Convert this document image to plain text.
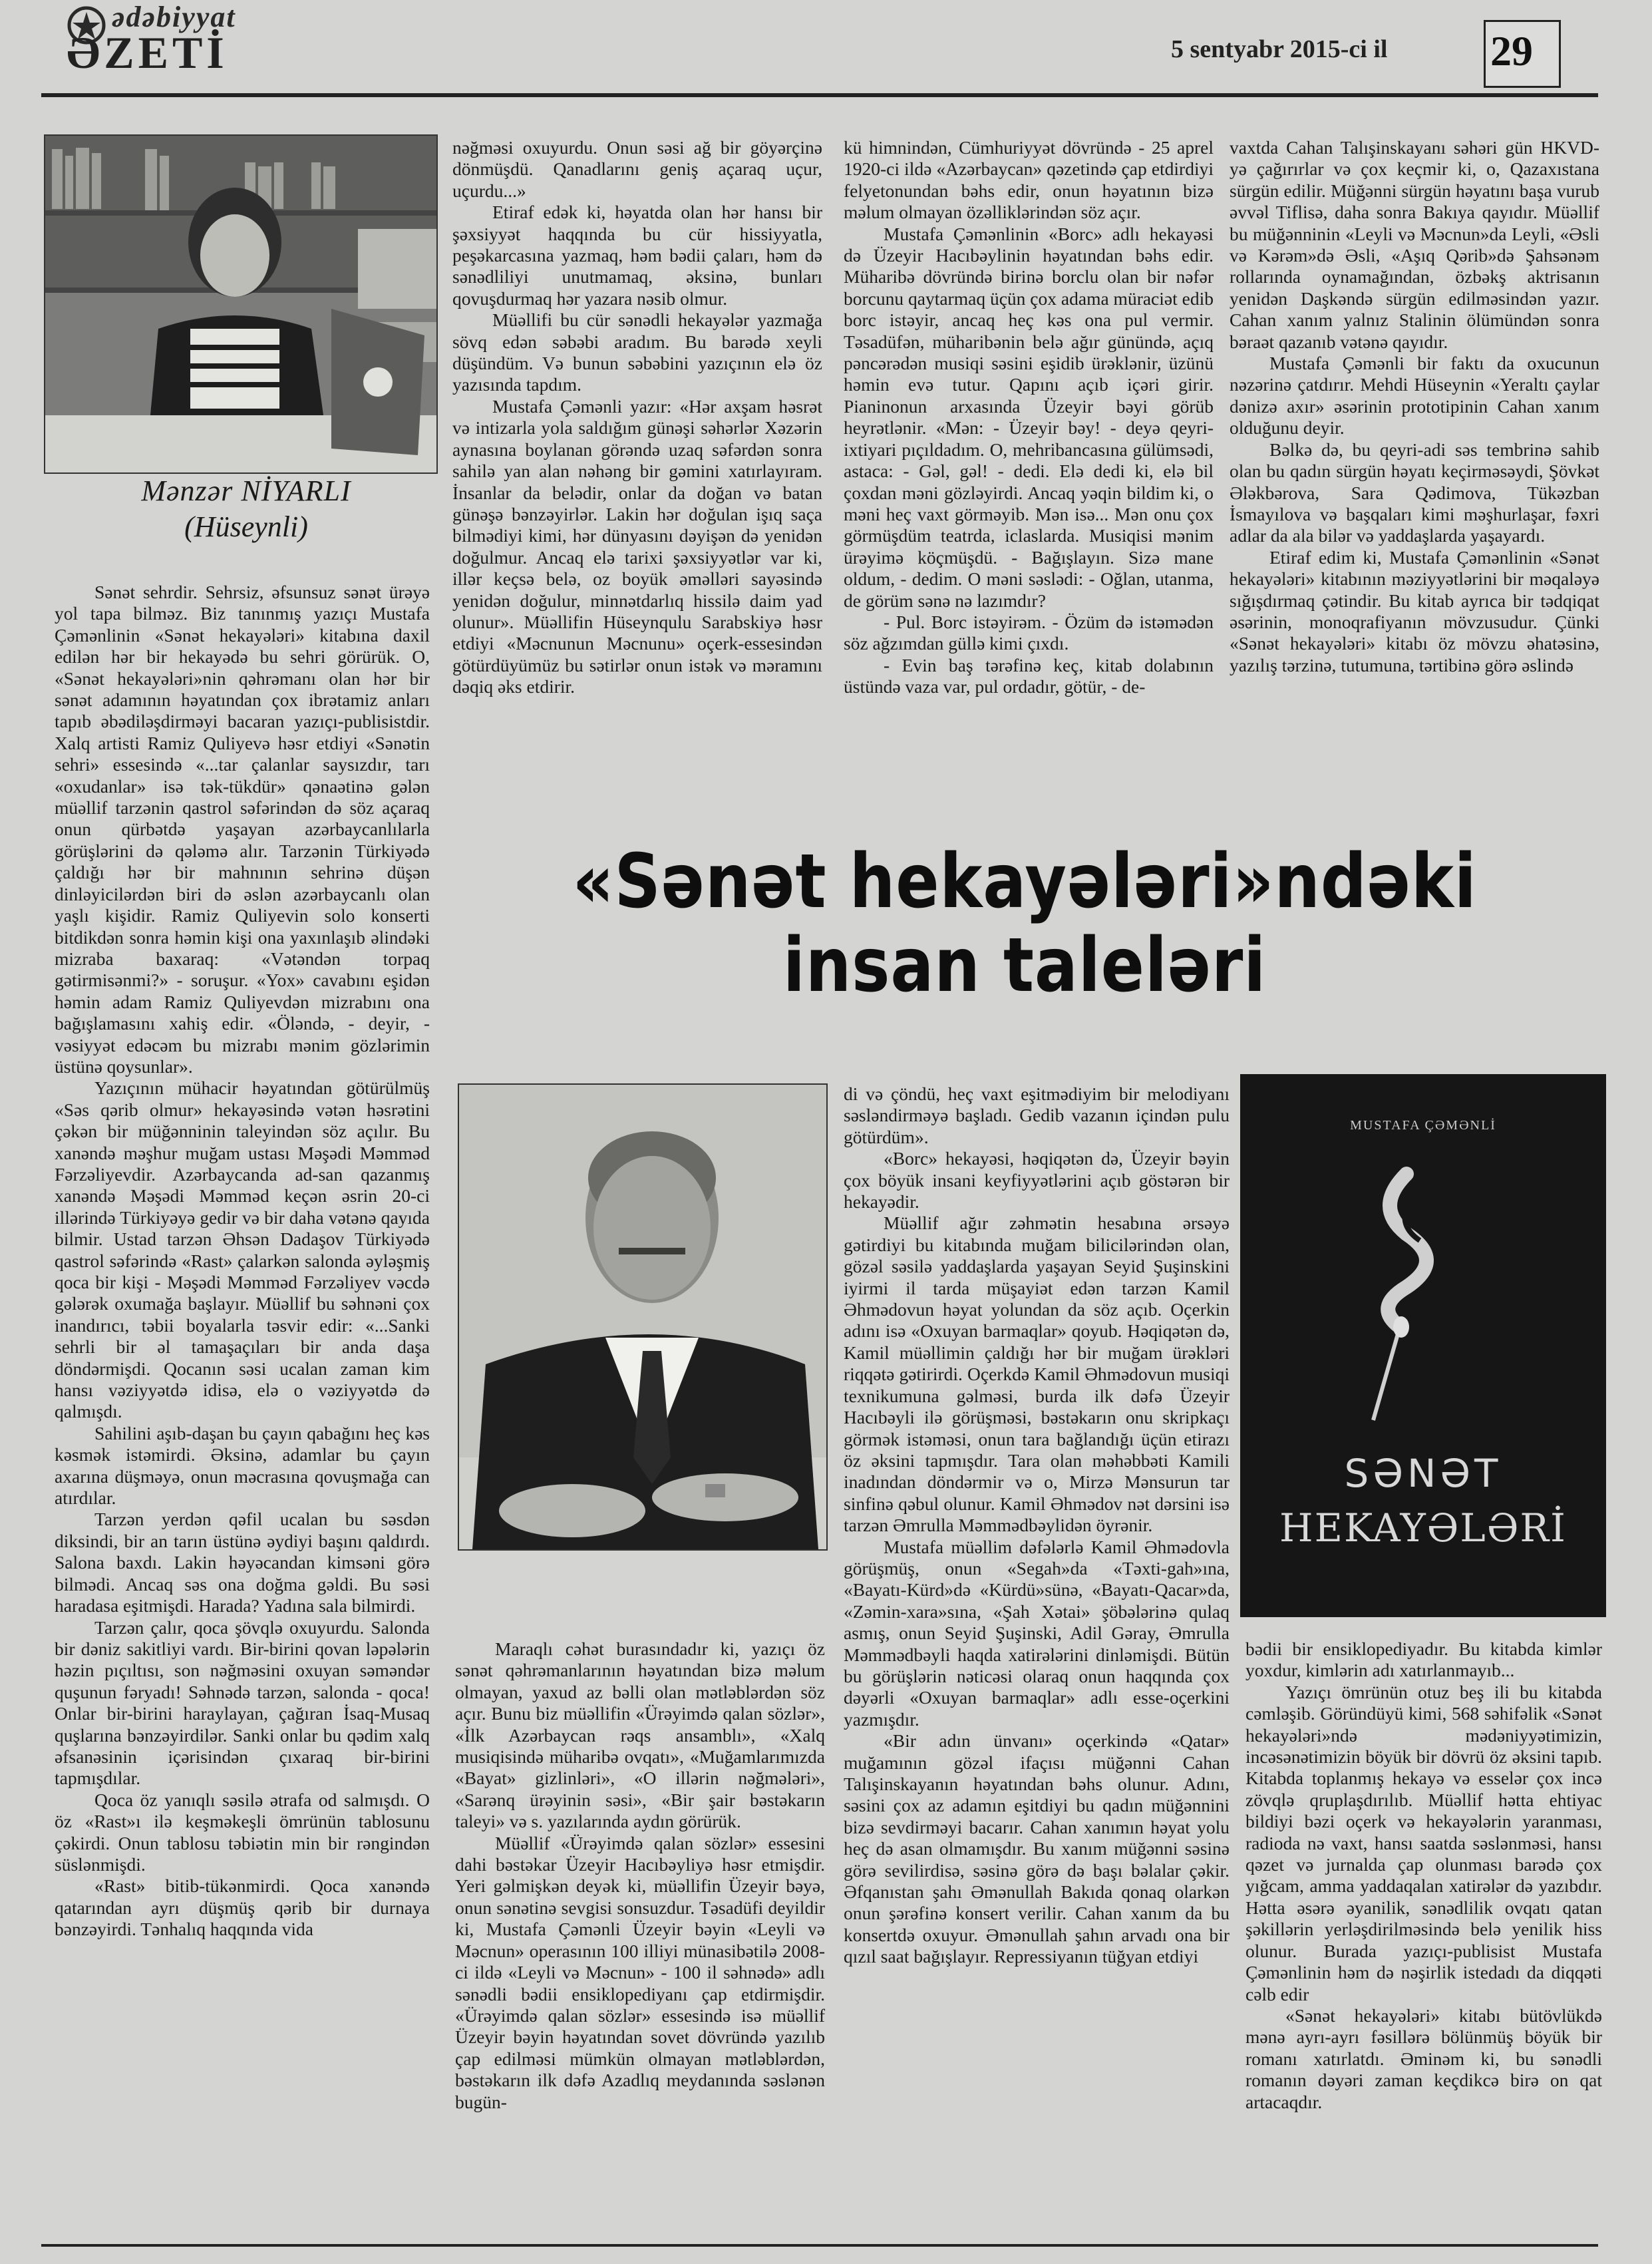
ədəbiyyat
ƏZETİ	5 sentyabr 2015-ci il 29
Mənzər NİYARLI
(Hüseynli)

Sənət sehrdir. Sehrsiz, əfsunsuz sənət ürəyə yol tapa bilməz. Biz tanınmış yazıçı Mustafa Çəmənlinin «Sənət hekayələri» kitabına daxil edilən hər bir hekayədə bu sehri görürük. O, «Sənət hekayələri»nin qəhrəmanı olan hər bir sənət adamının həyatından çox ibrətamiz anları tapıb əbədiləşdirməyi bacaran yazıçı-publisistdir. Xalq artisti Ramiz Quliyevə həsr etdiyi «Sənətin sehri» essesində «...tar çalanlar saysızdır, tarı «oxudanlar» isə tək-tükdür» qənaətinə gələn müəllif tarzənin qastrol səfərindən də söz açaraq onun qürbətdə yaşayan azərbaycanlılarla görüşlərini də qələmə alır. Tarzənin Türkiyədə çaldığı hər bir mahnının sehrinə düşən dinləyicilərdən biri də əslən azərbaycanlı olan yaşlı kişidir. Ramiz Quliyevin solo konserti bitdikdən sonra həmin kişi ona yaxınlaşıb əlindəki mizraba baxaraq: «Vətəndən torpaq gətirmisənmi?» - soruşur. «Yox» cavabını eşidən həmin adam Ramiz Quliyevdən mizrabını ona bağışlamasını xahiş edir. «Öləndə, - deyir, - vəsiyyət edəcəm bu mizrabı mənim gözlərimin üstünə qoysunlar».

Yazıçının mühacir həyatından götürülmüş «Səs qərib olmur» hekayəsində vətən həsrətini çəkən bir müğənninin taleyindən söz açılır. Bu xanəndə məşhur muğam ustası Məşədi Məmməd Fərzəliyevdir. Azərbaycanda ad-san qazanmış xanəndə Məşədi Məmməd keçən əsrin 20-ci illərində Türkiyəyə gedir və bir daha vətənə qayıda bilmir. Ustad tarzən Əhsən Dadaşov Türkiyədə qastrol səfərində «Rast» çalarkən salonda əyləşmiş qoca bir kişi - Məşədi Məmməd Fərzəliyev vəcdə gələrək oxumağa başlayır. Müəllif bu səhnəni çox inandırıcı, təbii boyalarla təsvir edir: «...Sanki sehrli bir əl tamaşaçıları bir anda daşa döndərmişdi. Qocanın səsi ucalan zaman kim hansı vəziyyətdə idisə, elə o vəziyyətdə də qalmışdı.

Sahilini aşıb-daşan bu çayın qabağını heç kəs kəsmək istəmirdi. Əksinə, adamlar bu çayın axarına düşməyə, onun məcrasına qovuşmağa can atırdılar.

Tarzən yerdən qəfil ucalan bu səsdən diksindi, bir an tarın üstünə əydiyi başını qaldırdı. Salona baxdı. Lakin həyəcandan kimsəni görə bilmədi. Ancaq səs ona doğma gəldi. Bu səsi haradasa eşitmişdi. Harada? Yadına sala bilmirdi.

Tarzən çalır, qoca şövqlə oxuyurdu. Salonda bir dəniz sakitliyi vardı. Bir-birini qovan ləpələrin həzin pıçıltısı, son nəğməsini oxuyan səməndər quşunun fəryadı! Səhnədə tarzən, salonda - qoca! Onlar bir-birini haraylayan, çağıran İsaq-Musaq quşlarına bənzəyirdilər. Sanki onlar bu qədim xalq əfsanəsinin içərisindən çıxaraq bir-birini tapmışdılar.

Qoca öz yanıqlı səsilə ətrafa od salmışdı. O öz «Rast»ı ilə keşməkeşli ömrünün tablosunu çəkirdi. Onun tablosu təbiətin min bir rəngindən süslənmişdi.

«Rast» bitib-tükənmirdi. Qoca xanəndə qatarından ayrı düşmüş qərib bir durnaya bənzəyirdi. Tənhalıq haqqında vida

nəğməsi oxuyurdu. Onun səsi ağ bir göyərçinə dönmüşdü. Qanadlarını geniş açaraq uçur, uçurdu...»

Etiraf edək ki, həyatda olan hər hansı bir şəxsiyyət haqqında bu cür hissiyyatla, peşəkarcasına yazmaq, həm bədii çaları, həm də sənədliliyi unutmamaq, əksinə, bunları qovuşdurmaq hər yazara nəsib olmur.

Müəllifi bu cür sənədli hekayələr yazmağa sövq edən səbəbi aradım. Bu barədə xeyli düşündüm. Və bunun səbəbini yazıçının elə öz yazısında tapdım.

Mustafa Çəmənli yazır: «Hər axşam həsrət və intizarla yola saldığım günəşi səhərlər Xəzərin aynasına boylanan görəndə uzaq səfərdən sonra sahilə yan alan nəhəng bir gəmini xatırlayıram. İnsanlar da belədir, onlar da doğan və batan günəşə bənzəyirlər. Lakin hər doğulan işıq saça bilmədiyi kimi, hər dünyasını dəyişən də yenidən doğulmur. Ancaq elə tarixi şəxsiyyətlər var ki, illər keçsə belə, oz boyük əməlləri sayəsində yenidən doğulur, minnətdarlıq hissilə daim yad olunur». Müəllifin Hüseynqulu Sarabskiyə həsr etdiyi «Məcnunun Məcnunu» oçerk-essesindən götürdüyümüz bu sətirlər onun istək və məramını dəqiq əks etdirir.

kü himnindən, Cümhuriyyət dövründə - 25 aprel 1920-ci ildə «Azərbaycan» qəzetində çap etdirdiyi felyetonundan bəhs edir, onun həyatının bizə məlum olmayan özəlliklərindən söz açır.

Mustafa Çəmənlinin «Borc» adlı hekayəsi də Üzeyir Hacıbəylinin həyatından bəhs edir. Müharibə dövründə birinə borclu olan bir nəfər borcunu qaytarmaq üçün çox adama müraciət edib borc istəyir, ancaq heç kəs ona pul vermir. Təsadüfən, müharibənin belə ağır günündə, açıq pəncərədən musiqi səsini eşidib ürəklənir, üzünü həmin evə tutur. Qapını açıb içəri girir. Pianinonun arxasında Üzeyir bəyi görüb heyrətlənir. «Mən: - Üzeyir bəy! - deyə qeyri-ixtiyari pıçıldadım. O, mehribancasına gülümsədi, astaca: - Gəl, gəl! - dedi. Elə dedi ki, elə bil çoxdan məni gözləyirdi. Ancaq yəqin bildim ki, o məni heç vaxt görməyib. Mən isə... Mən onu çox görmüşdüm teatrda, iclaslarda. Musiqisi mənim ürəyimə köçmüşdü. - Bağışlayın. Sizə mane oldum, - dedim. O məni səslədi: - Oğlan, utanma, de görüm sənə nə lazımdır?

- Pul. Borc istəyirəm. - Özüm də istəmədən söz ağzımdan güllə kimi çıxdı.

- Evin baş tərəfinə keç, kitab dolabının üstündə vaza var, pul ordadır, götür, - de-

vaxtda Cahan Talışinskayanı səhəri gün HKVD-yə çağırırlar və çox keçmir ki, o, Qazaxıstana sürgün edilir. Müğənni sürgün həyatını başa vurub əvvəl Tiflisə, daha sonra Bakıya qayıdır. Müəllif bu müğənninin «Leyli və Məcnun»da Leyli, «Əsli və Kərəm»də Əsli, «Aşıq Qərib»də Şahsənəm rollarında oynamağından, özbəkş aktrisanın yenidən Daşkəndə sürgün edilməsindən yazır. Cahan xanım yalnız Stalinin ölümündən sonra bəraət qazanıb vətənə qayıdır.

Mustafa Çəmənli bir faktı da oxucunun nəzərinə çatdırır. Mehdi Hüseynin «Yeraltı çaylar dənizə axır» əsərinin prototipinin Cahan xanım olduğunu deyir.

Bəlkə də, bu qeyri-adi səs tembrinə sahib olan bu qadın sürgün həyatı keçirməsəydi, Şövkət Ələkbərova, Sara Qədimova, Tükəzban İsmayılova və başqaları kimi məşhurlaşar, fəxri adlar da ala bilər və yaddaşlarda yaşayardı.

Etiraf edim ki, Mustafa Çəmənlinin «Sənət hekayələri» kitabının məziyyətlərini bir məqaləyə sığışdırmaq çətindir. Bu kitab ayrıca bir tədqiqat əsərinin, monoqrafiyanın mövzusudur. Çünki «Sənət hekayələri» kitabı öz mövzu əhatəsinə, yazılış tərzinə, tutumuna, tərtibinə görə əslində

«Sənət hekayələri»ndəki
insan taleləri
MUSTAFA ÇƏMƏNLİ
SƏNƏT
HEKAYƏLƏRİ

Maraqlı cəhət burasındadır ki, yazıçı öz sənət qəhrəmanlarının həyatından bizə məlum olmayan, yaxud az bəlli olan mətləblərdən söz açır. Bunu biz müəllifin «Ürəyimdə qalan sözlər», «İlk Azərbaycan rəqs ansamblı», «Xalq musiqisində müharibə ovqatı», «Muğamlarımızda «Bayat» gizlinləri», «O illərin nəğmələri», «Sarənq ürəyinin səsi», «Bir şair bəstəkarın taleyi» və s. yazılarında aydın görürük.

Müəllif «Ürəyimdə qalan sözlər» essesini dahi bəstəkar Üzeyir Hacıbəyliyə həsr etmişdir. Yeri gəlmişkən deyək ki, müəllifin Üzeyir bəyə, onun sənətinə sevgisi sonsuzdur. Təsadüfi deyildir ki, Mustafa Çəmənli Üzeyir bəyin «Leyli və Məcnun» operasının 100 illiyi münasibətilə 2008-ci ildə «Leyli və Məcnun» - 100 il səhnədə» adlı sənədli bədii ensiklopediyanı çap etdirmişdir. «Ürəyimdə qalan sözlər» essesində isə müəllif Üzeyir bəyin həyatından sovet dövründə yazılıb çap edilməsi mümkün olmayan mətləblərdən, bəstəkarın ilk dəfə Azadlıq meydanında səslənən bugün-

di və çöndü, heç vaxt eşitmədiyim bir melodiyanı səsləndirməyə başladı. Gedib vazanın içindən pulu götürdüm».

«Borc» hekayəsi, həqiqətən də, Üzeyir bəyin çox böyük insani keyfiyyətlərini açıb göstərən bir hekayədir.

Müəllif ağır zəhmətin hesabına ərsəyə gətirdiyi bu kitabında muğam bilicilərindən olan, gözəl səsilə yaddaşlarda yaşayan Seyid Şuşinskini iyirmi il tarda müşayiət edən tarzən Kamil Əhmədovun həyat yolundan da söz açıb. Oçerkin adını isə «Oxuyan barmaqlar» qoyub. Həqiqətən də, Kamil müəllimin çaldığı hər bir muğam ürəkləri riqqətə gətirirdi. Oçerkdə Kamil Əhmədovun musiqi texnikumuna gəlməsi, burda ilk dəfə Üzeyir Hacıbəyli ilə görüşməsi, bəstəkarın onu skripkaçı görmək istəməsi, onun tara bağlandığı üçün etirazı öz əksini tapmışdır. Tara olan məhəbbəti Kamili inadından döndərmir və o, Mirzə Mənsurun tar sinfinə qəbul olunur. Kamil Əhmədov nət dərsini isə tarzən Əmrulla Məmmədbəylidən öyrənir.

Mustafa müəllim dəfələrlə Kamil Əhmədovla görüşmüş, onun «Segah»da «Təxti-gah»ına, «Bayatı-Kürd»də «Kürdü»sünə, «Bayatı-Qacar»da, «Zəmin-xara»sına, «Şah Xətai» şöbələrinə qulaq asmış, onun Seyid Şuşinski, Adil Gəray, Əmrulla Məmmədbəyli haqda xatirələrini dinləmişdi. Bütün bu görüşlərin nəticəsi olaraq onun haqqında çox dəyərli «Oxuyan barmaqlar» adlı esse-oçerkini yazmışdır.

«Bir adın ünvanı» oçerkində «Qatar» muğamının gözəl ifaçısı müğənni Cahan Talışinskayanın həyatından bəhs olunur. Adını, səsini çox az adamın eşitdiyi bu qadın müğənnini bizə sevdirməyi bacarır. Cahan xanımın həyat yolu heç də asan olmamışdır. Bu xanım müğənni səsinə görə sevilirdisə, səsinə görə də başı bəlalar çəkir. Əfqanıstan şahı Əmənullah Bakıda qonaq olarkən onun şərəfinə konsert verilir. Cahan xanım da bu konsertdə oxuyur. Əmənullah şahın arvadı ona bir qızıl saat bağışlayır. Repressiyanın tüğyan etdiyi

bədii bir ensiklopediyadır. Bu kitabda kimlər yoxdur, kimlərin adı xatırlanmayıb...

Yazıçı ömrünün otuz beş ili bu kitabda cəmləşib. Göründüyü kimi, 568 səhifəlik «Sənət hekayələri»ndə mədəniyyətimizin, incəsənətimizin böyük bir dövrü öz əksini tapıb. Kitabda toplanmış hekayə və esselər çox incə zövqlə qruplaşdırılıb. Müəllif hətta ehtiyac bildiyi bəzi oçerk və hekayələrin yaranması, radioda nə vaxt, hansı saatda səslənməsi, hansı qəzet və jurnalda çap olunması barədə çox yığcam, amma yaddaqalan xatirələr də yazıbdır. Hətta əsərə əyanilik, sənədlilik ovqatı qatan şəkillərin yerləşdirilməsində belə yenilik hiss olunur. Burada yazıçı-publisist Mustafa Çəmənlinin həm də nəşirlik istedadı da diqqəti cəlb edir

«Sənət hekayələri» kitabı bütövlükdə mənə ayrı-ayrı fəsillərə bölünmüş böyük bir romanı xatırlatdı. Əminəm ki, bu sənədli romanın dəyəri zaman keçdikcə birə on qat artacaqdır.
